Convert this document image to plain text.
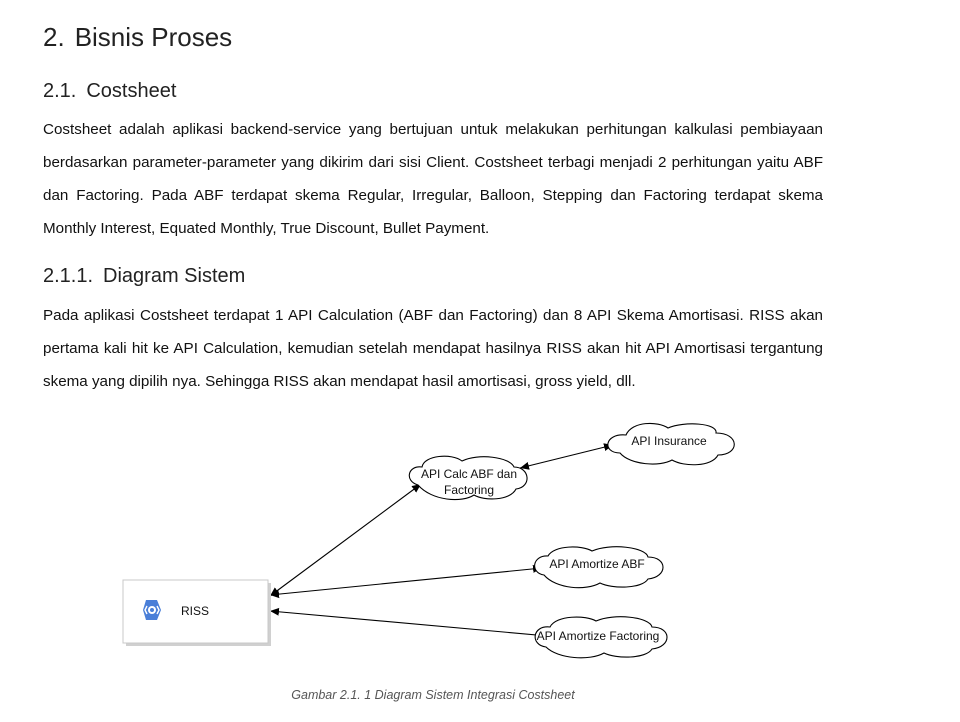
2. Bisnis Proses
2.1. Costsheet

Costsheet adalah aplikasi backend-service yang bertujuan untuk melakukan perhitungan kalkulasi pembiayaan berdasarkan parameter-parameter yang dikirim dari sisi Client. Costsheet terbagi menjadi 2 perhitungan yaitu ABF dan Factoring. Pada ABF terdapat skema Regular, Irregular, Balloon, Stepping dan Factoring terdapat skema Monthly Interest, Equated Monthly, True Discount, Bullet Payment.

2.1.1. Diagram Sistem

Pada aplikasi Costsheet terdapat 1 API Calculation (ABF dan Factoring) dan 8 API Skema Amortisasi. RISS akan pertama kali hit ke API Calculation, kemudian setelah mendapat hasilnya RISS akan hit API Amortisasi tergantung skema yang dipilih nya. Sehingga RISS akan mendapat hasil amortisasi, gross yield, dll.

RISS
API Insurance
API Calc ABF dan
Factoring
API Amortize ABF
API Amortize Factoring
Gambar 2.1. 1 Diagram Sistem Integrasi Costsheet
